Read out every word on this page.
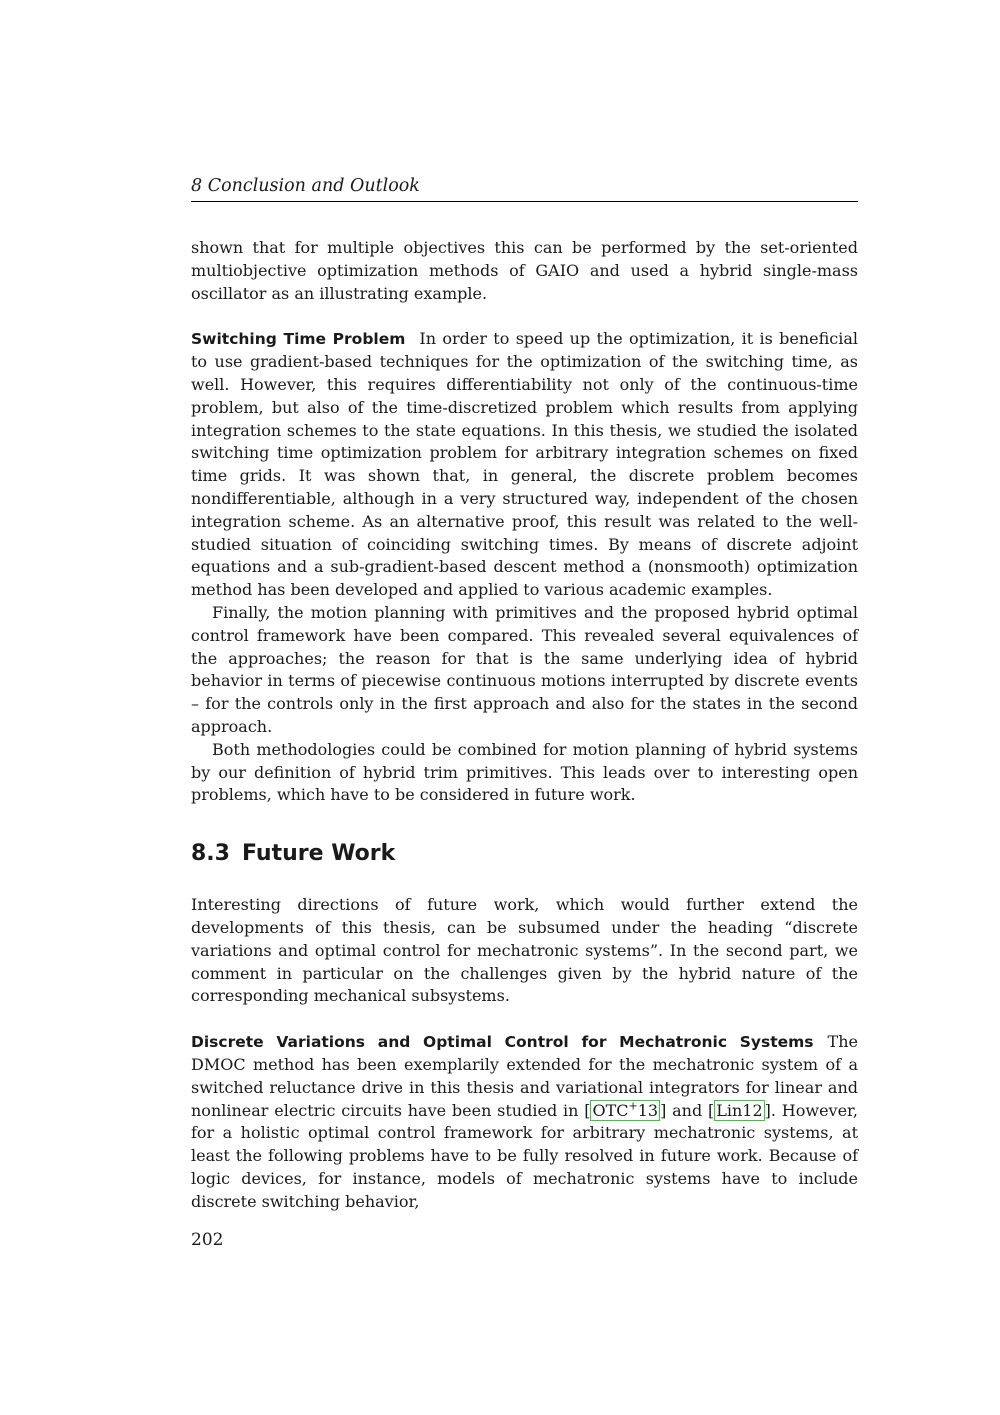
8 Conclusion and Outlook

shown that for multiple objectives this can be performed by the set-oriented multiobjective optimization methods of GAIO and used a hybrid single-mass oscillator as an illustrating example.

Switching Time Problem In order to speed up the optimization, it is beneficial to use gradient-based techniques for the optimization of the switching time, as well. However, this requires differentiability not only of the continuous-time problem, but also of the time-discretized problem which results from applying integration schemes to the state equations. In this thesis, we studied the isolated switching time optimization problem for arbitrary integration schemes on fixed time grids. It was shown that, in general, the discrete problem becomes nondifferentiable, although in a very structured way, independent of the chosen integration scheme. As an alternative proof, this result was related to the well-studied situation of coinciding switching times. By means of discrete adjoint equations and a sub-gradient-based descent method a (nonsmooth) optimization method has been developed and applied to various academic examples.

Finally, the motion planning with primitives and the proposed hybrid optimal control framework have been compared. This revealed several equivalences of the approaches; the reason for that is the same underlying idea of hybrid behavior in terms of piecewise continuous motions interrupted by discrete events – for the controls only in the first approach and also for the states in the second approach.

Both methodologies could be combined for motion planning of hybrid systems by our definition of hybrid trim primitives. This leads over to interesting open problems, which have to be considered in future work.

8.3 Future Work

Interesting directions of future work, which would further extend the developments of this thesis, can be subsumed under the heading “discrete variations and optimal control for mechatronic systems”. In the second part, we comment in particular on the challenges given by the hybrid nature of the corresponding mechanical subsystems.

Discrete Variations and Optimal Control for Mechatronic Systems The DMOC method has been exemplarily extended for the mechatronic system of a switched reluctance drive in this thesis and variational integrators for linear and nonlinear electric circuits have been studied in [ OTC+13 ] and [ Lin12 ]. However, for a holistic optimal control framework for arbitrary mechatronic systems, at least the following problems have to be fully resolved in future work. Because of logic devices, for instance, models of mechatronic systems have to include discrete switching behavior,

202
